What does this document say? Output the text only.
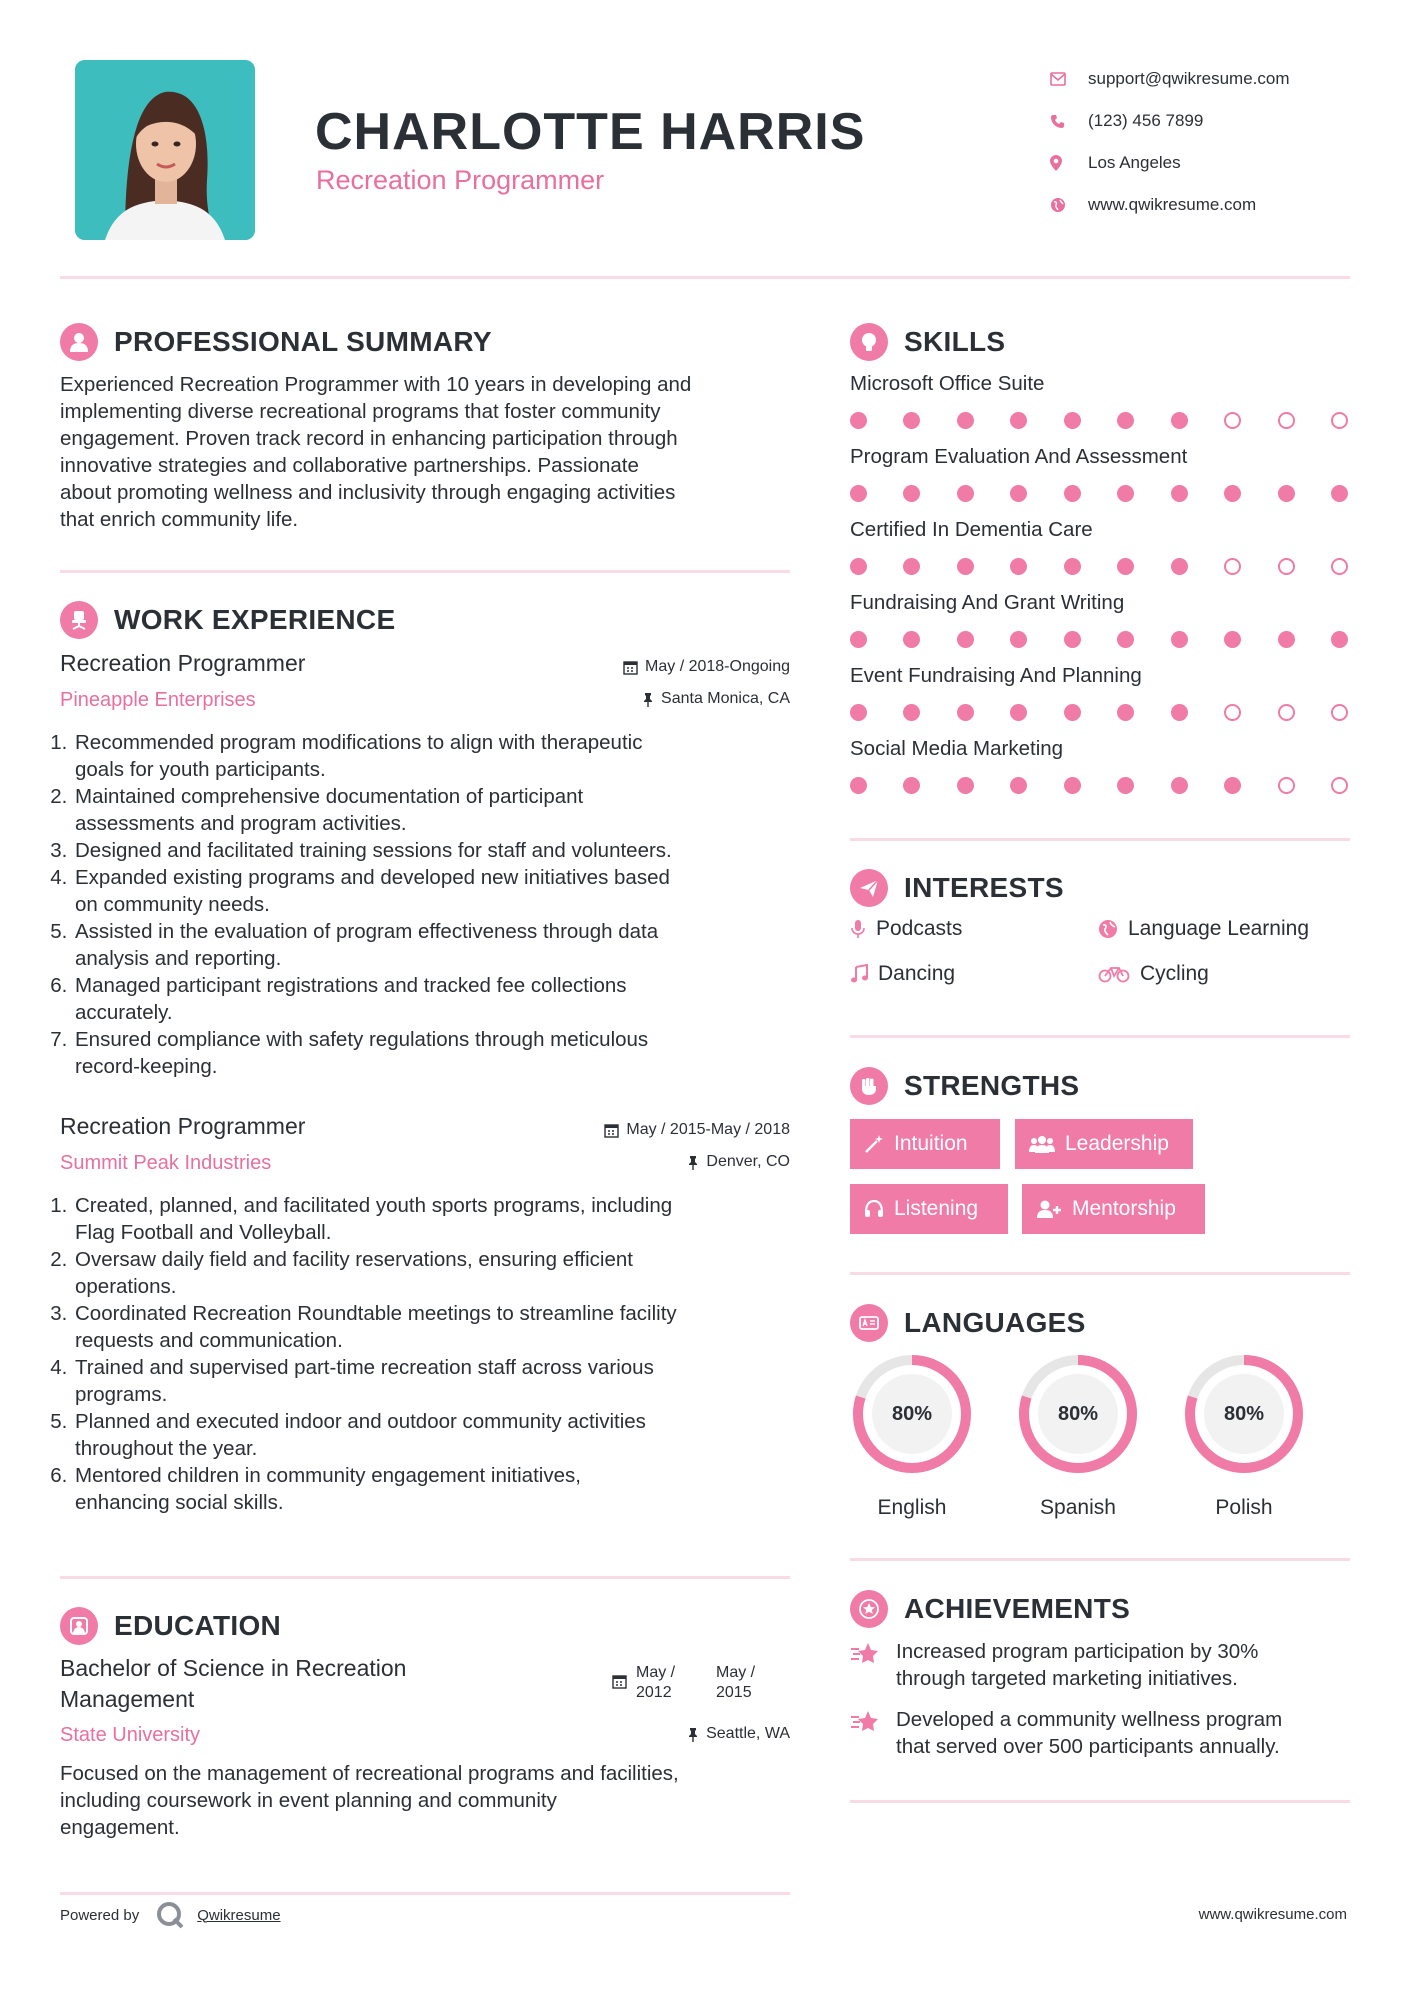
CHARLOTTE HARRIS
Recreation Programmer
support@qwikresume.com
(123) 456 7899
Los Angeles
www.qwikresume.com
PROFESSIONAL SUMMARY
Experienced Recreation Programmer with 10 years in developing and
implementing diverse recreational programs that foster community
engagement. Proven track record in enhancing participation through
innovative strategies and collaborative partnerships. Passionate
about promoting wellness and inclusivity through engaging activities
that enrich community life.
WORK EXPERIENCE
Recreation Programmer
Pineapple Enterprises
May / 2018-Ongoing
Santa Monica, CA
1. Recommended program modifications to align with therapeutic
goals for youth participants.
2. Maintained comprehensive documentation of participant
assessments and program activities.
3. Designed and facilitated training sessions for staff and volunteers.
4. Expanded existing programs and developed new initiatives based
on community needs.
5. Assisted in the evaluation of program effectiveness through data
analysis and reporting.
6. Managed participant registrations and tracked fee collections
accurately.
7. Ensured compliance with safety regulations through meticulous
record-keeping.
Recreation Programmer
Summit Peak Industries
May / 2015-May / 2018
Denver, CO
1. Created, planned, and facilitated youth sports programs, including
Flag Football and Volleyball.
2. Oversaw daily field and facility reservations, ensuring efficient
operations.
3. Coordinated Recreation Roundtable meetings to streamline facility
requests and communication.
4. Trained and supervised part-time recreation staff across various
programs.
5. Planned and executed indoor and outdoor community activities
throughout the year.
6. Mentored children in community engagement initiatives,
enhancing social skills.
EDUCATION
Bachelor of Science in Recreation
Management
May /
2012
May /
2015
State University	Seattle, WA
Focused on the management of recreational programs and facilities,
including coursework in event planning and community
engagement.
SKILLS
Microsoft Office Suite
Program Evaluation And Assessment
Certified In Dementia Care
Fundraising And Grant Writing
Event Fundraising And Planning
Social Media Marketing
INTERESTS
Podcasts	Language Learning
Dancing	Cycling
STRENGTHS
Intuition	Leadership
Listening	Mentorship
LANGUAGES
80%
English
80%
Spanish
80%
Polish
ACHIEVEMENTS
Increased program participation by 30%
through targeted marketing initiatives.
Developed a community wellness program
that served over 500 participants annually.
Powered by	Qwikresume	www.qwikresume.com
